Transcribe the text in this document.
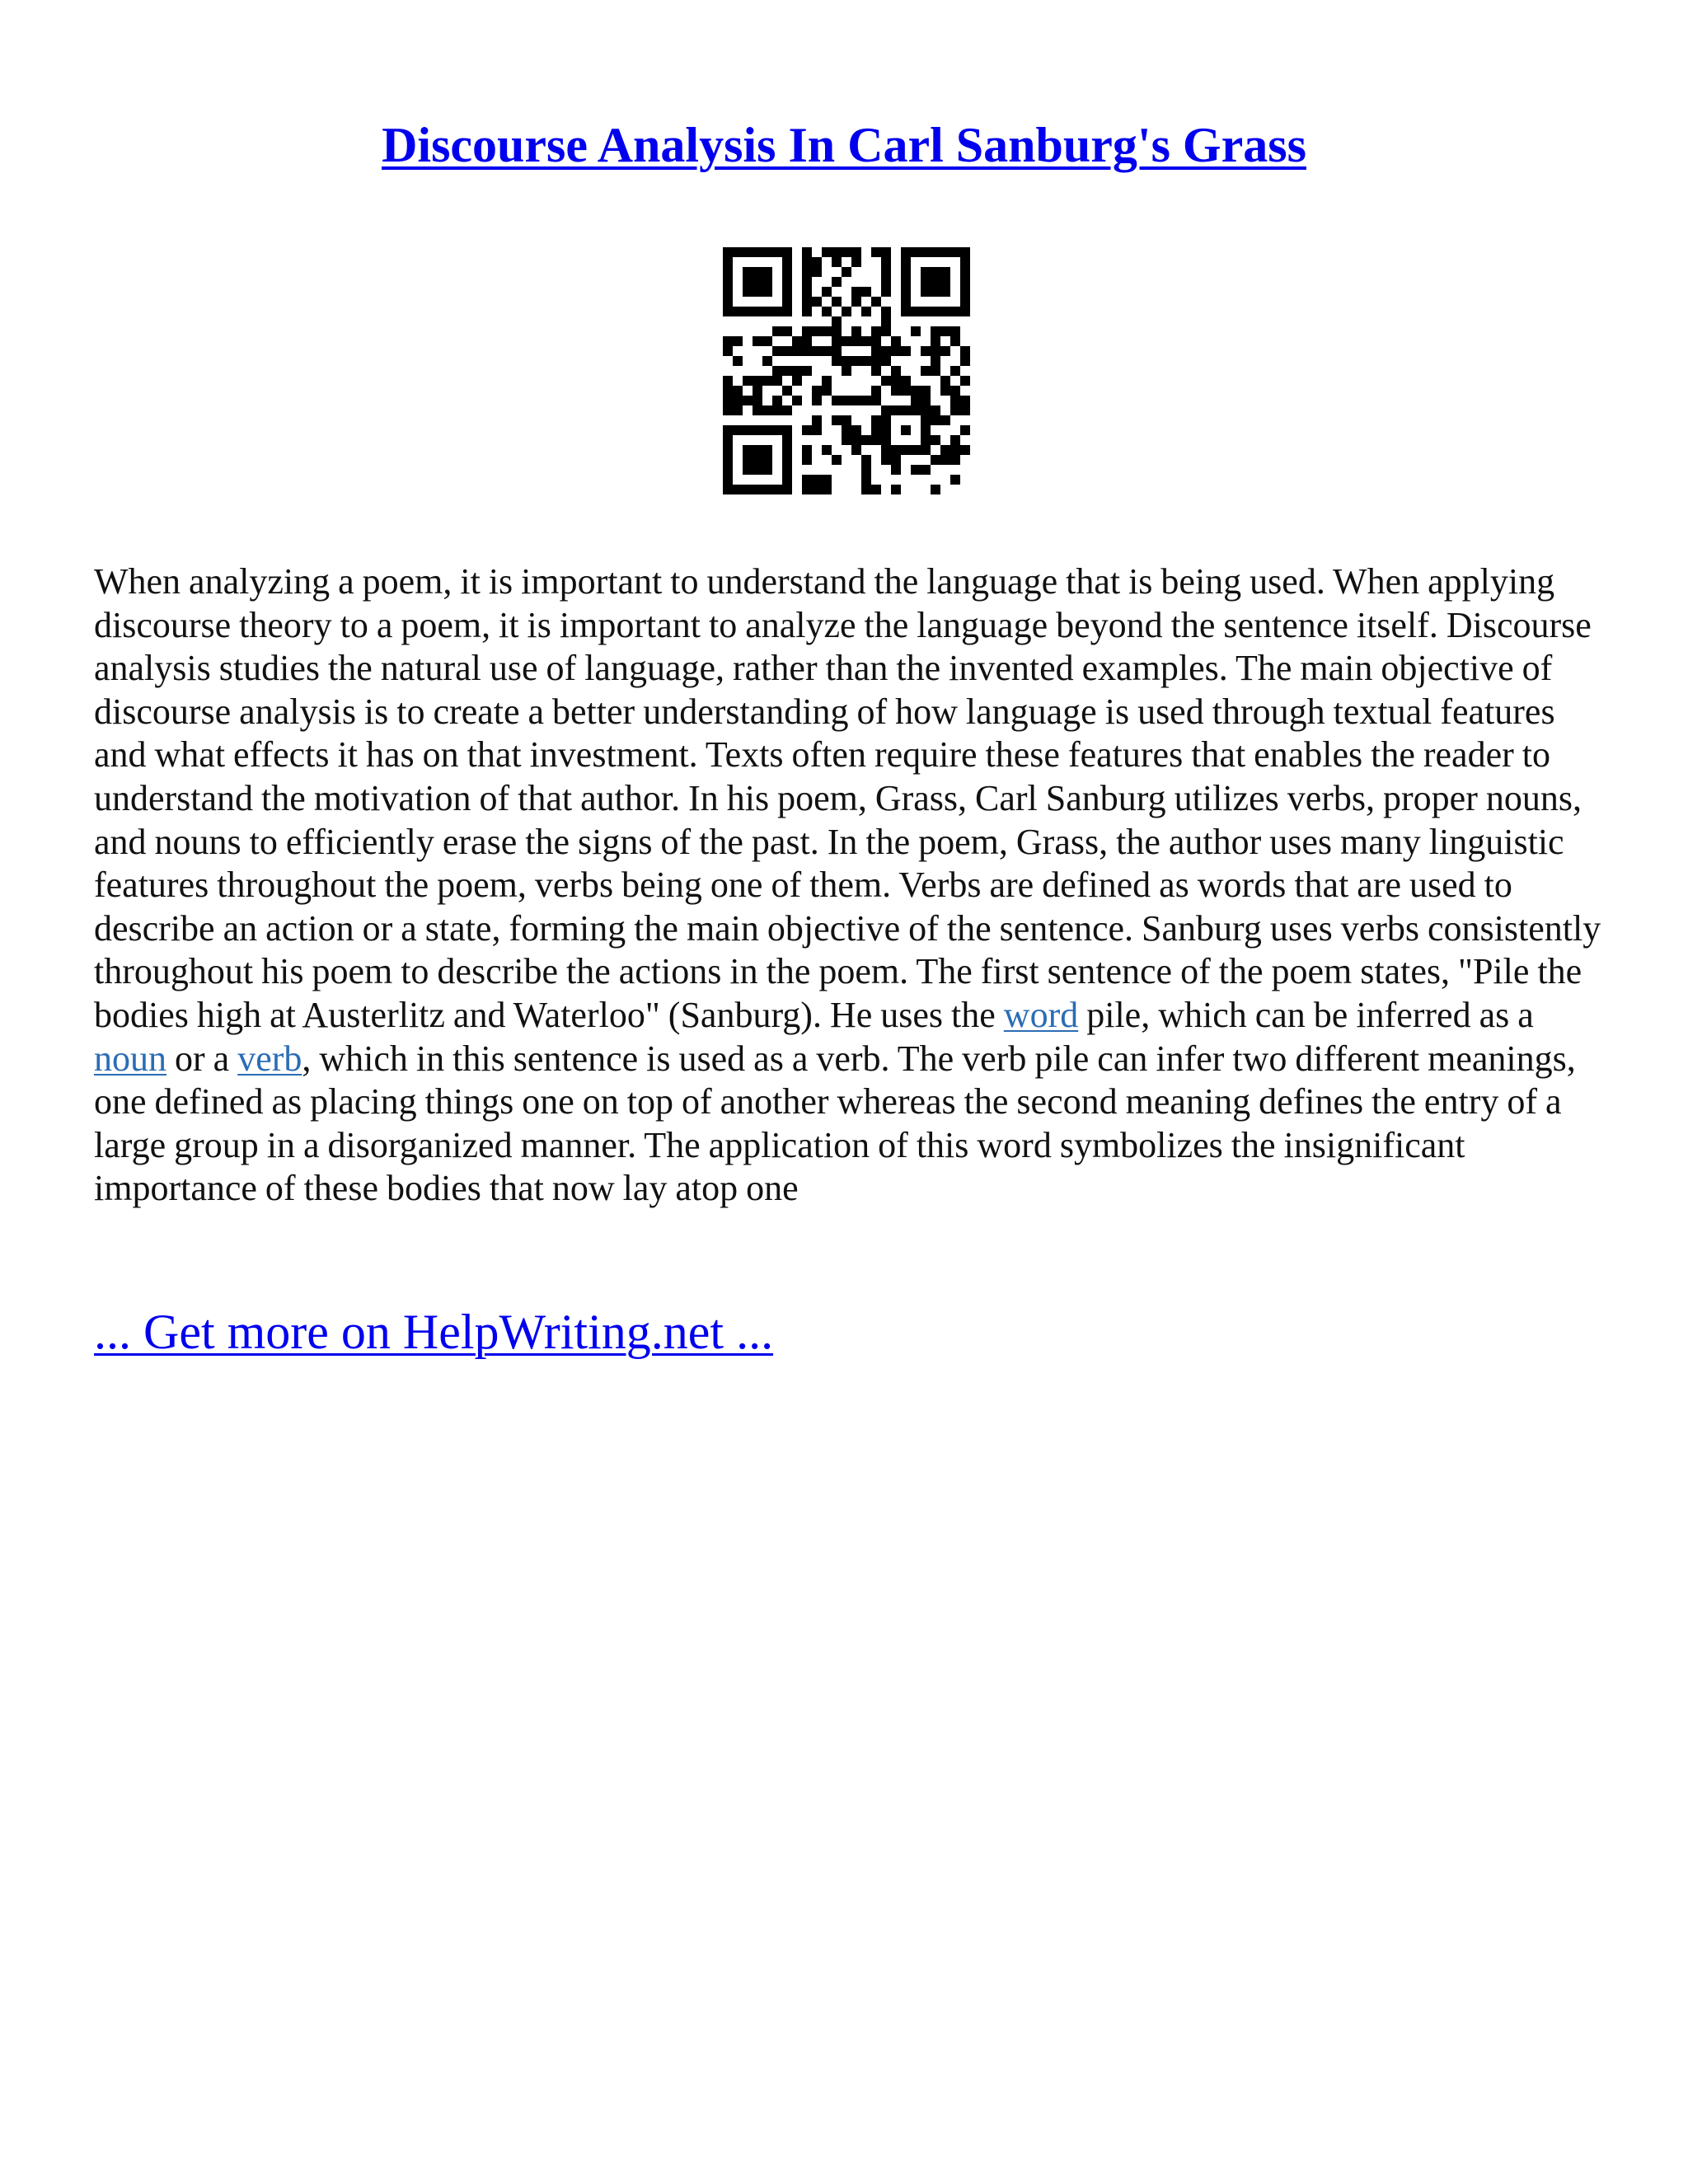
Discourse Analysis In Carl Sanburg's Grass

When analyzing a poem, it is important to understand the language that is being used. When applying discourse theory to a poem, it is important to analyze the language beyond the sentence itself. Discourse analysis studies the natural use of language, rather than the invented examples. The main objective of discourse analysis is to create a better understanding of how language is used through textual features and what effects it has on that investment. Texts often require these features that enables the reader to understand the motivation of that author. In his poem, Grass, Carl Sanburg utilizes verbs, proper nouns, and nouns to efficiently erase the signs of the past. In the poem, Grass, the author uses many linguistic features throughout the poem, verbs being one of them. Verbs are defined as words that are used to describe an action or a state, forming the main objective of the sentence. Sanburg uses verbs consistently throughout his poem to describe the actions in the poem. The first sentence of the poem states, "Pile the bodies high at Austerlitz and Waterloo" (Sanburg). He uses the word pile, which can be inferred as a noun or a verb, which in this sentence is used as a verb. The verb pile can infer two different meanings, one defined as placing things one on top of another whereas the second meaning defines the entry of a large group in a disorganized manner. The application of this word symbolizes the insignificant importance of these bodies that now lay atop one

... Get more on HelpWriting.net ...
